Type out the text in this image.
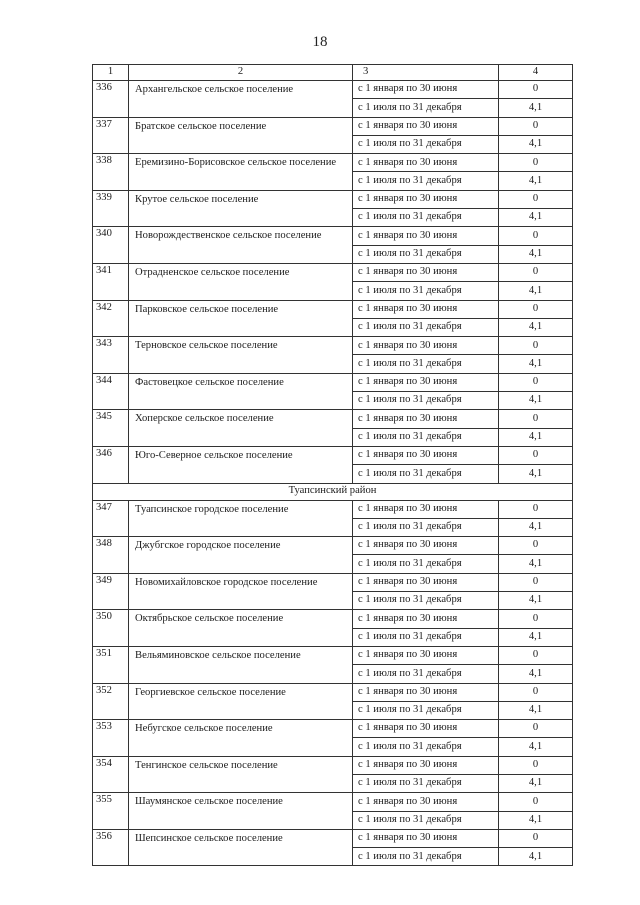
18
1	2	3	4
336	Архангельское сельское поселение	с 1 января по 30 июня	0
		с 1 июля по 31 декабря	4,1
337	Братское сельское поселение	с 1 января по 30 июня	0
		с 1 июля по 31 декабря	4,1
338	Еремизино-Борисовское сельское поселение	с 1 января по 30 июня	0
		с 1 июля по 31 декабря	4,1
339	Крутое сельское поселение	с 1 января по 30 июня	0
		с 1 июля по 31 декабря	4,1
340	Новорождественское сельское поселение	с 1 января по 30 июня	0
		с 1 июля по 31 декабря	4,1
341	Отрадненское сельское поселение	с 1 января по 30 июня	0
		с 1 июля по 31 декабря	4,1
342	Парковское сельское поселение	с 1 января по 30 июня	0
		с 1 июля по 31 декабря	4,1
343	Терновское сельское поселение	с 1 января по 30 июня	0
		с 1 июля по 31 декабря	4,1
344	Фастовецкое сельское поселение	с 1 января по 30 июня	0
		с 1 июля по 31 декабря	4,1
345	Хоперское сельское поселение	с 1 января по 30 июня	0
		с 1 июля по 31 декабря	4,1
346	Юго-Северное сельское поселение	с 1 января по 30 июня	0
		с 1 июля по 31 декабря	4,1
Туапсинский район			
347	Туапсинское городское поселение	с 1 января по 30 июня	0
		с 1 июля по 31 декабря	4,1
348	Джубгское городское поселение	с 1 января по 30 июня	0
		с 1 июля по 31 декабря	4,1
349	Новомихайловское городское поселение	с 1 января по 30 июня	0
		с 1 июля по 31 декабря	4,1
350	Октябрьское сельское поселение	с 1 января по 30 июня	0
		с 1 июля по 31 декабря	4,1
351	Вельяминовское сельское поселение	с 1 января по 30 июня	0
		с 1 июля по 31 декабря	4,1
352	Георгиевское сельское поселение	с 1 января по 30 июня	0
		с 1 июля по 31 декабря	4,1
353	Небугское сельское поселение	с 1 января по 30 июня	0
		с 1 июля по 31 декабря	4,1
354	Тенгинское сельское поселение	с 1 января по 30 июня	0
		с 1 июля по 31 декабря	4,1
355	Шаумянское сельское поселение	с 1 января по 30 июня	0
		с 1 июля по 31 декабря	4,1
356	Шепсинское сельское поселение	с 1 января по 30 июня	0
		с 1 июля по 31 декабря	4,1
